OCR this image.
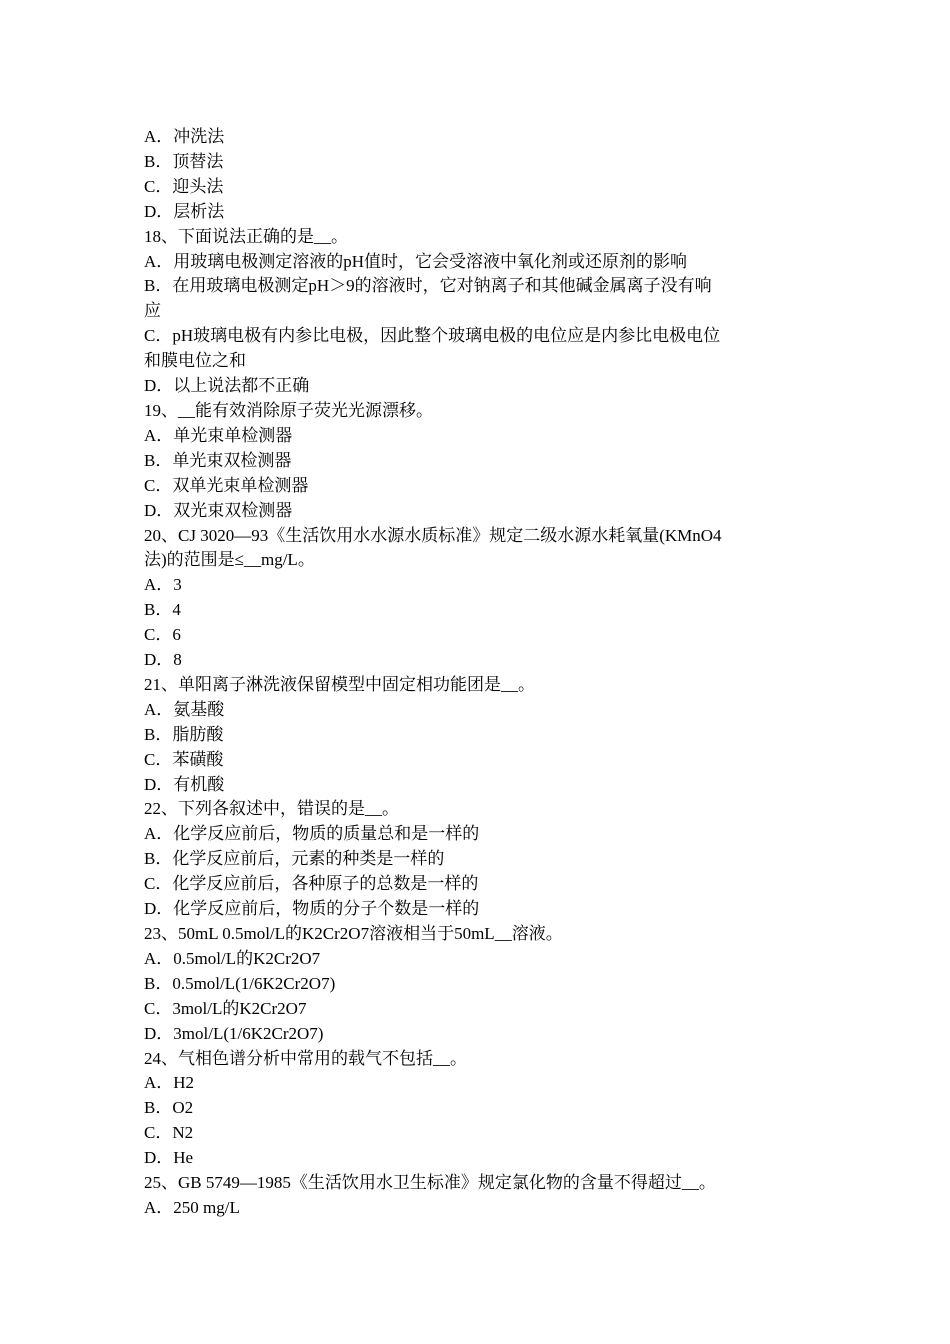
A．冲洗法

B．顶替法

C．迎头法

D．层析法

18、下面说法正确的是__。

A．用玻璃电极测定溶液的pH值时，它会受溶液中氧化剂或还原剂的影响

B．在用玻璃电极测定pH＞9的溶液时，它对钠离子和其他碱金属离子没有响

应

C．pH玻璃电极有内参比电极，因此整个玻璃电极的电位应是内参比电极电位

和膜电位之和

D．以上说法都不正确

19、__能有效消除原子荧光光源漂移。

A．单光束单检测器

B．单光束双检测器

C．双单光束单检测器

D．双光束双检测器

20、CJ 3020—93《生活饮用水水源水质标准》规定二级水源水耗氧量(KMnO4

法)的范围是≤__mg/L。

A．3

B．4

C．6

D．8

21、单阳离子淋洗液保留模型中固定相功能团是__。

A．氨基酸

B．脂肪酸

C．苯磺酸

D．有机酸

22、下列各叙述中，错误的是__。

A．化学反应前后，物质的质量总和是一样的

B．化学反应前后，元素的种类是一样的

C．化学反应前后，各种原子的总数是一样的

D．化学反应前后，物质的分子个数是一样的

23、50mL 0.5mol/L的K2Cr2O7溶液相当于50mL__溶液。

A．0.5mol/L的K2Cr2O7

B．0.5mol/L(1/6K2Cr2O7)

C．3mol/L的K2Cr2O7

D．3mol/L(1/6K2Cr2O7)

24、气相色谱分析中常用的载气不包括__。

A．H2

B．O2

C．N2

D．He

25、GB 5749—1985《生活饮用水卫生标准》规定氯化物的含量不得超过__。

A．250 mg/L
